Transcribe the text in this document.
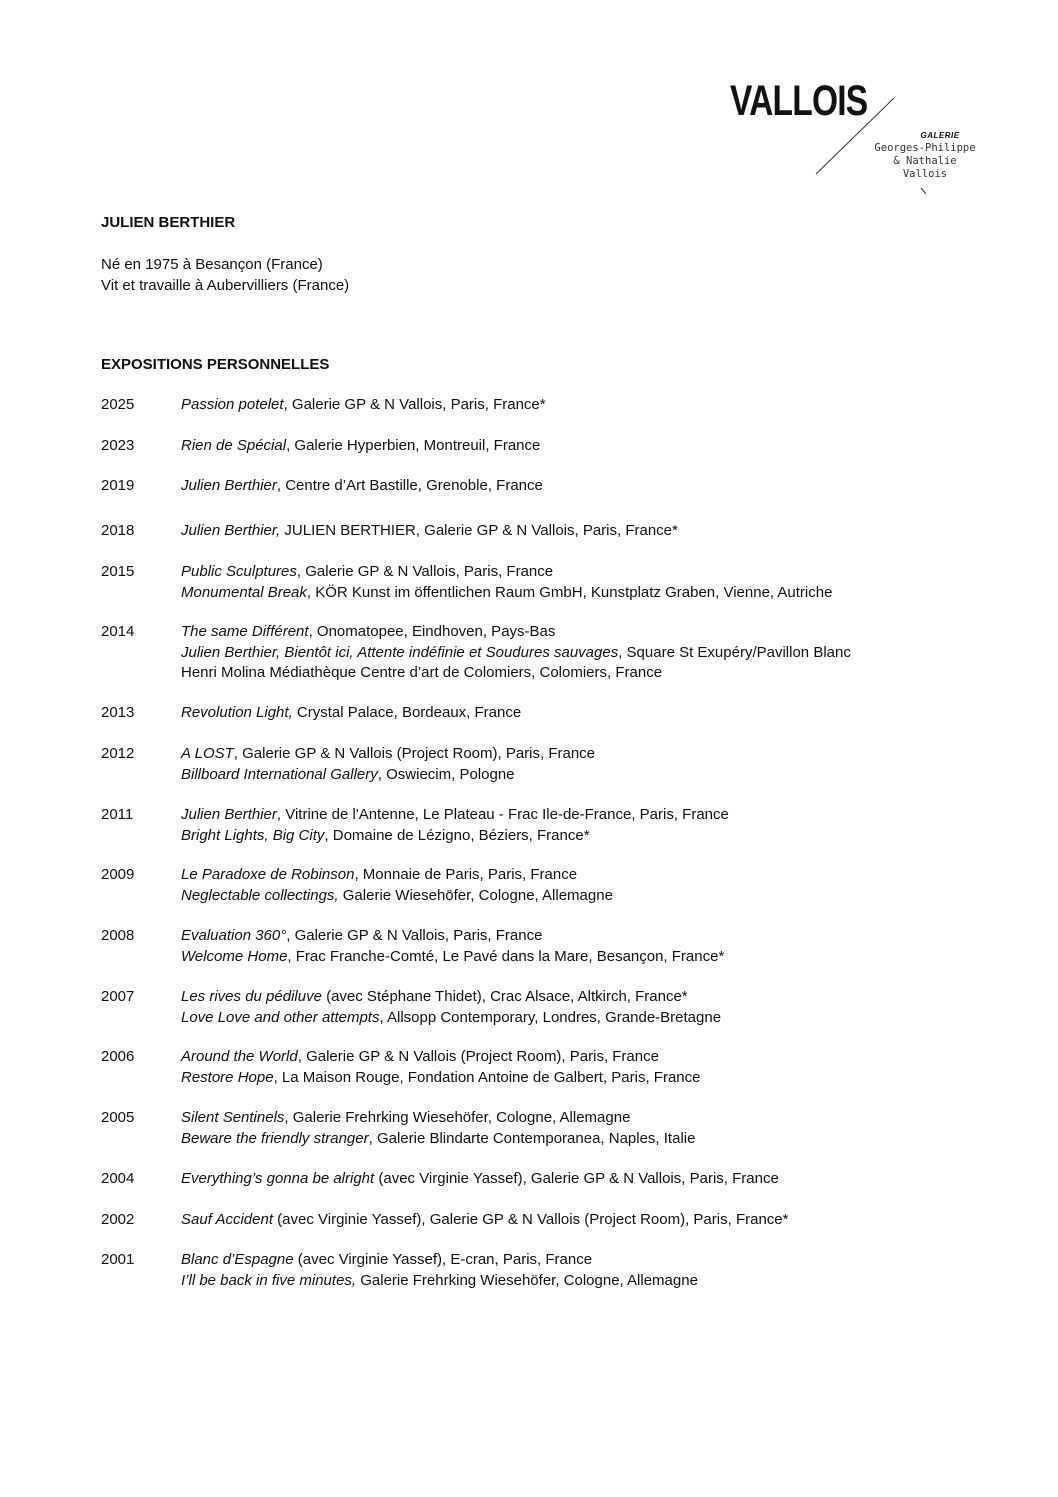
VALLOIS
GALERIE
Georges-Philippe
& Nathalie
Vallois
JULIEN BERTHIER
Né en 1975 à Besançon (France)
Vit et travaille à Aubervilliers (France)
EXPOSITIONS PERSONNELLES
2025	Passion potelet, Galerie GP & N Vallois, Paris, France*
2023	Rien de Spécial, Galerie Hyperbien, Montreuil, France
2019	Julien Berthier, Centre d’Art Bastille, Grenoble, France
2018	Julien Berthier, JULIEN BERTHIER, Galerie GP & N Vallois, Paris, France*
2015	Public Sculptures, Galerie GP & N Vallois, Paris, France
Monumental Break, KÖR Kunst im öffentlichen Raum GmbH, Kunstplatz Graben, Vienne, Autriche
2014	The same Différent, Onomatopee, Eindhoven, Pays-Bas
Julien Berthier, Bientôt ici, Attente indéfinie et Soudures sauvages, Square St Exupéry/Pavillon Blanc
Henri Molina Médiathèque Centre d’art de Colomiers, Colomiers, France
2013	Revolution Light, Crystal Palace, Bordeaux, France
2012	A LOST, Galerie GP & N Vallois (Project Room), Paris, France
Billboard International Gallery, Oswiecim, Pologne
2011	Julien Berthier, Vitrine de l'Antenne, Le Plateau - Frac Ile-de-France, Paris, France
Bright Lights, Big City, Domaine de Lézigno, Béziers, France*
2009	Le Paradoxe de Robinson, Monnaie de Paris, Paris, France
Neglectable collectings, Galerie Wiesehöfer, Cologne, Allemagne
2008	Evaluation 360°, Galerie GP & N Vallois, Paris, France
Welcome Home, Frac Franche-Comté, Le Pavé dans la Mare, Besançon, France*
2007	Les rives du pédiluve (avec Stéphane Thidet), Crac Alsace, Altkirch, France*
Love Love and other attempts, Allsopp Contemporary, Londres, Grande-Bretagne
2006	Around the World, Galerie GP & N Vallois (Project Room), Paris, France
Restore Hope, La Maison Rouge, Fondation Antoine de Galbert, Paris, France
2005	Silent Sentinels, Galerie Frehrking Wiesehöfer, Cologne, Allemagne
Beware the friendly stranger, Galerie Blindarte Contemporanea, Naples, Italie
2004	Everything’s gonna be alright (avec Virginie Yassef), Galerie GP & N Vallois, Paris, France
2002	Sauf Accident (avec Virginie Yassef), Galerie GP & N Vallois (Project Room), Paris, France*
2001	Blanc d’Espagne (avec Virginie Yassef), E-cran, Paris, France
I’ll be back in five minutes, Galerie Frehrking Wiesehöfer, Cologne, Allemagne
